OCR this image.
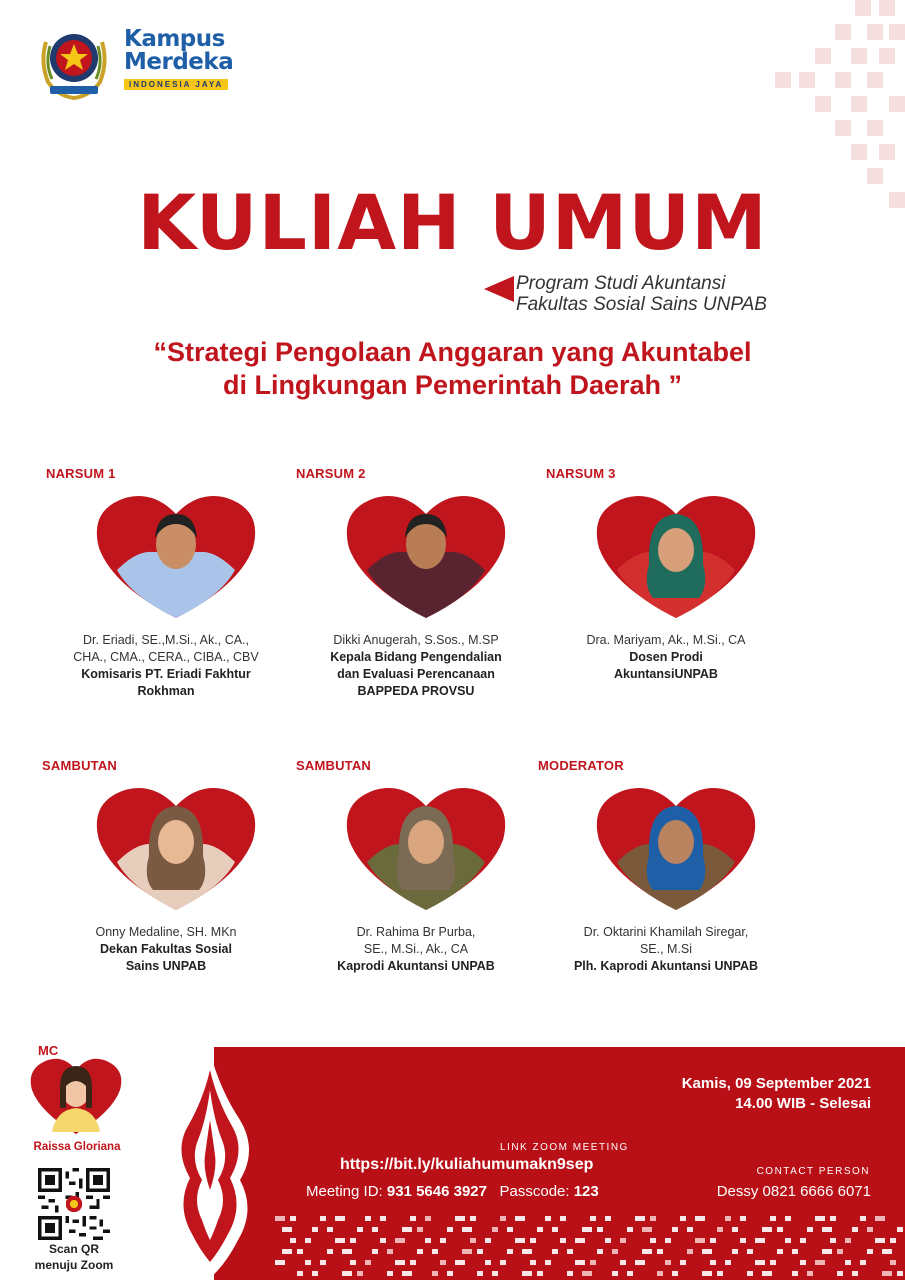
Kampus
Merdeka
INDONESIA JAYA
KULIAH UMUM
Program Studi Akuntansi
Fakultas Sosial Sains UNPAB
“Strategi Pengolaan Anggaran yang Akuntabel
di Lingkungan Pemerintah Daerah ”
NARSUM 1
Dr. Eriadi, SE.,M.Si., Ak., CA.,
CHA., CMA., CERA., CIBA., CBV
Komisaris PT. Eriadi Fakhtur
Rokhman
NARSUM 2
Dikki Anugerah, S.Sos., M.SP
Kepala Bidang Pengendalian
dan Evaluasi Perencanaan
BAPPEDA PROVSU
NARSUM 3
Dra. Mariyam, Ak., M.Si., CA
Dosen Prodi
AkuntansiUNPAB
SAMBUTAN
Onny Medaline, SH. MKn
Dekan Fakultas Sosial
Sains UNPAB
SAMBUTAN
Dr. Rahima Br Purba,
SE., M.Si., Ak., CA
Kaprodi Akuntansi UNPAB
MODERATOR
Dr. Oktarini Khamilah Siregar,
SE., M.Si
Plh. Kaprodi Akuntansi UNPAB
MC
Raissa Gloriana
Scan QR
menuju Zoom
Kamis, 09 September 2021
14.00 WIB - Selesai
LINK ZOOM MEETING
https://bit.ly/kuliahumumakn9sep
Meeting ID: 931 5646 3927 Passcode: 123
CONTACT PERSON
Dessy 0821 6666 6071
